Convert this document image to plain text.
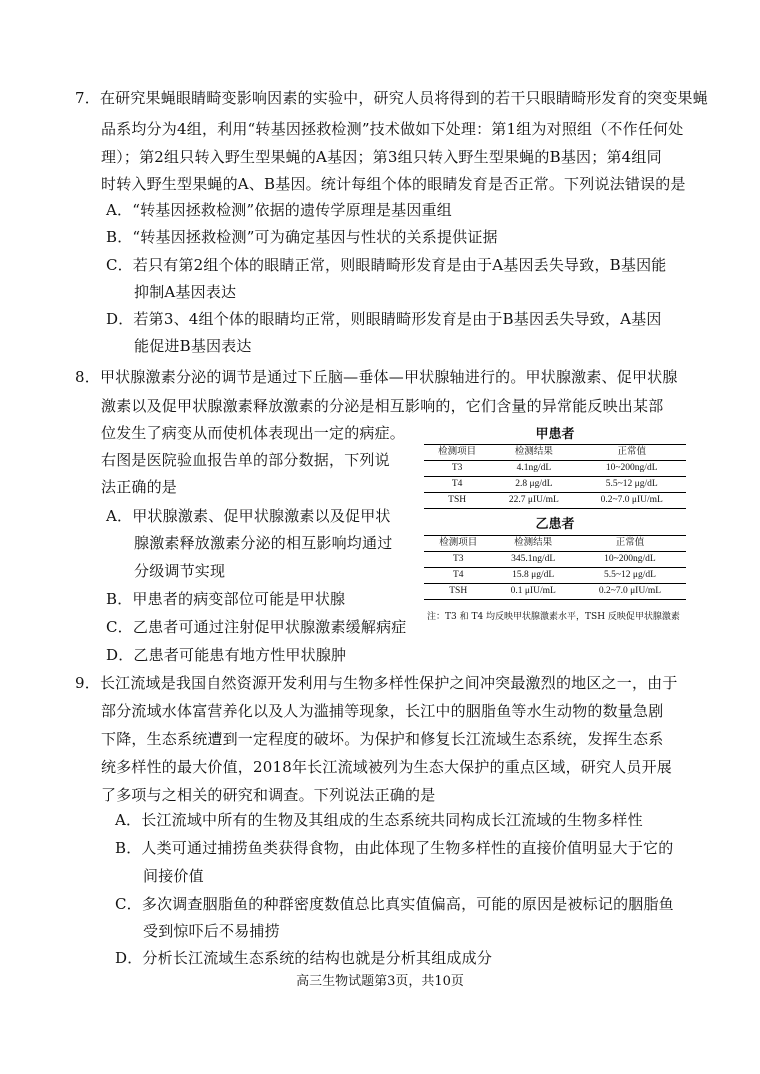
7．在研究果蝇眼睛畸变影响因素的实验中，研究人员将得到的若干只眼睛畸形发育的突变果蝇
品系均分为4组，利用“转基因拯救检测”技术做如下处理：第1组为对照组（不作任何处
理）；第2组只转入野生型果蝇的A基因；第3组只转入野生型果蝇的B基因；第4组同
时转入野生型果蝇的A、B基因。统计每组个体的眼睛发育是否正常。下列说法错误的是
A．“转基因拯救检测”依据的遗传学原理是基因重组
B．“转基因拯救检测”可为确定基因与性状的关系提供证据
C．若只有第2组个体的眼睛正常，则眼睛畸形发育是由于A基因丢失导致，B基因能
抑制A基因表达
D．若第3、4组个体的眼睛均正常，则眼睛畸形发育是由于B基因丢失导致，A基因
能促进B基因表达
8．甲状腺激素分泌的调节是通过下丘脑—垂体—甲状腺轴进行的。甲状腺激素、促甲状腺
激素以及促甲状腺激素释放激素的分泌是相互影响的，它们含量的异常能反映出某部
位发生了病变从而使机体表现出一定的病症。
右图是医院验血报告单的部分数据，下列说
法正确的是
A．甲状腺激素、促甲状腺激素以及促甲状
腺激素释放激素分泌的相互影响均通过
分级调节实现
B．甲患者的病变部位可能是甲状腺
C．乙患者可通过注射促甲状腺激素缓解病症
D．乙患者可能患有地方性甲状腺肿
甲患者
检测项目	检测结果	正常值
T3	4.1ng/dL	10~200ng/dL
T4	2.8 μg/dL	5.5~12 μg/dL
TSH	22.7 μIU/mL	0.2~7.0 μIU/mL
乙患者
检测项目	检测结果	正常值
T3	345.1ng/dL	10~200ng/dL
T4	15.8 μg/dL	5.5~12 μg/dL
TSH	0.1 μIU/mL	0.2~7.0 μIU/mL
注：T3 和 T4 均反映甲状腺激素水平，TSH 反映促甲状腺激素
9．长江流域是我国自然资源开发利用与生物多样性保护之间冲突最激烈的地区之一，由于
部分流域水体富营养化以及人为滥捕等现象，长江中的胭脂鱼等水生动物的数量急剧
下降，生态系统遭到一定程度的破坏。为保护和修复长江流域生态系统，发挥生态系
统多样性的最大价值，2018年长江流域被列为生态大保护的重点区域，研究人员开展
了多项与之相关的研究和调查。下列说法正确的是
A．长江流域中所有的生物及其组成的生态系统共同构成长江流域的生物多样性
B．人类可通过捕捞鱼类获得食物，由此体现了生物多样性的直接价值明显大于它的
间接价值
C．多次调查胭脂鱼的种群密度数值总比真实值偏高，可能的原因是被标记的胭脂鱼
受到惊吓后不易捕捞
D．分析长江流域生态系统的结构也就是分析其组成成分
高三生物试题第3页，共10页
